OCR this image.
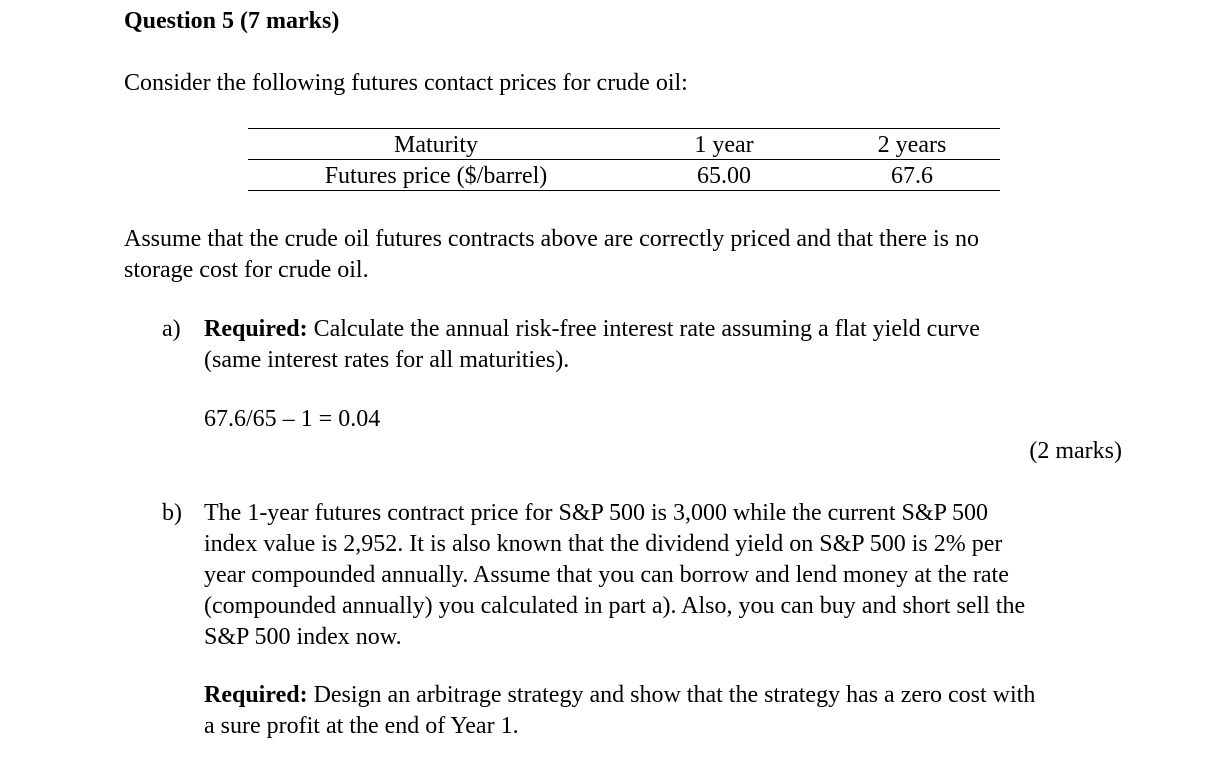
Question 5 (7 marks)
Consider the following futures contact prices for crude oil:
Maturity	1 year	2 years
Futures price ($/barrel)	65.00	67.6
Assume that the crude oil futures contracts above are correctly priced and that there is no
storage cost for crude oil.
a) Required: Calculate the annual risk-free interest rate assuming a flat yield curve
(same interest rates for all maturities).
67.6/65 – 1 = 0.04
(2 marks)
b) The 1-year futures contract price for S&P 500 is 3,000 while the current S&P 500
index value is 2,952. It is also known that the dividend yield on S&P 500 is 2% per
year compounded annually. Assume that you can borrow and lend money at the rate
(compounded annually) you calculated in part a). Also, you can buy and short sell the
S&P 500 index now.
Required: Design an arbitrage strategy and show that the strategy has a zero cost with
a sure profit at the end of Year 1.
